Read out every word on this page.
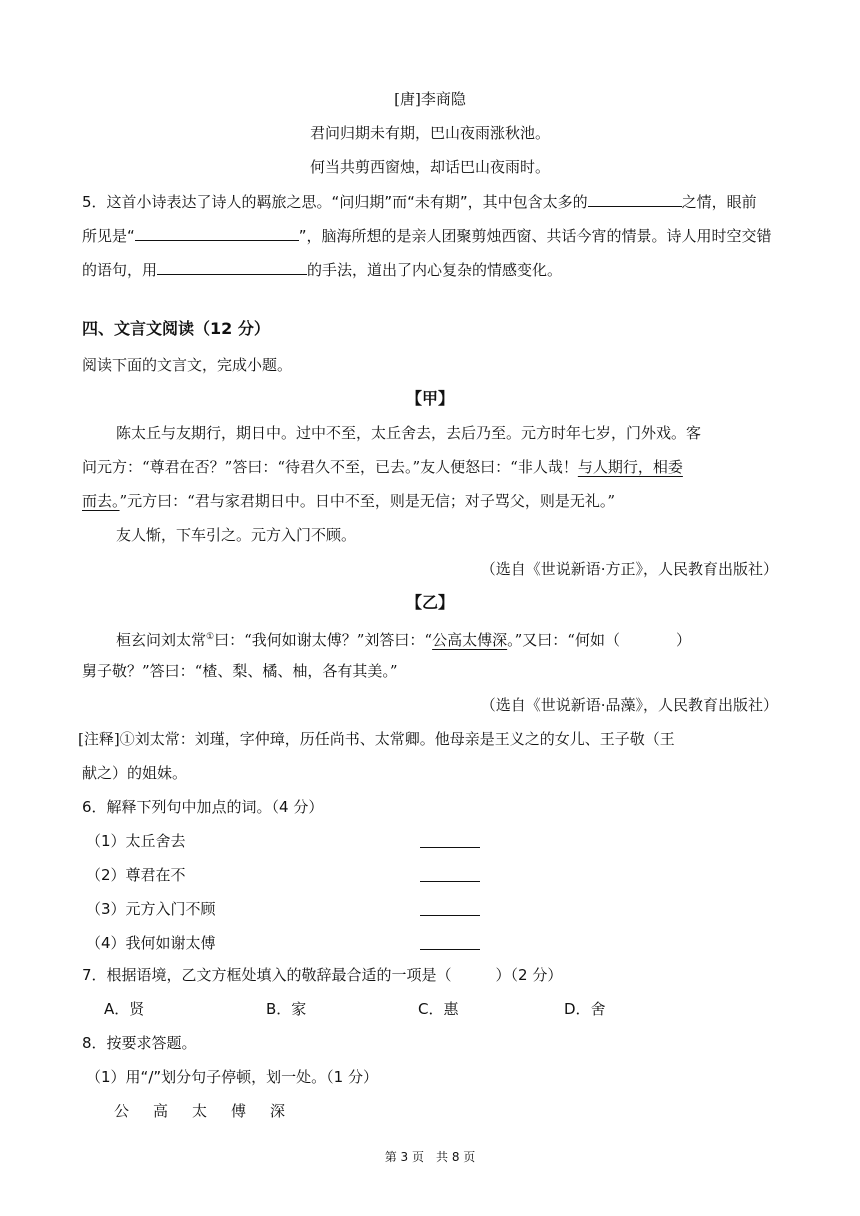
[唐]李商隐
君问归期未有期，巴山夜雨涨秋池。
何当共剪西窗烛，却话巴山夜雨时。
5．这首小诗表达了诗人的羁旅之思。“问归期”而“未有期”，其中包含太多的	之情，眼前
所见是“	”，脑海所想的是亲人团聚剪烛西窗、共话今宵的情景。诗人用时空交错
的语句，用	的手法，道出了内心复杂的情感变化。
四、文言文阅读（12 分）
阅读下面的文言文，完成小题。
【甲】
陈太丘与友期行，期日中。过中不至，太丘舍去，去后乃至。元方时年七岁，门外戏。客
问元方：“尊君在否？”答曰：“待君久不至，已去。”友人便怒曰：“非人哉！与人期行，相委
而去。”元方曰：“君与家君期日中。日中不至，则是无信；对子骂父，则是无礼。”
友人惭，下车引之。元方入门不顾。
（选自《世说新语·方正》，人民教育出版社）
【乙】
桓玄问刘太常①曰：“我何如谢太傅？”刘答曰：“公高太傅深。”又曰：“何如（	）
舅子敬？”答曰：“楂、梨、橘、柚，各有其美。”
（选自《世说新语·品藻》，人民教育出版社）
[注释]①刘太常：刘瑾，字仲璋，历任尚书、太常卿。他母亲是王义之的女儿、王子敬（王
献之）的姐妹。
6．解释下列句中加点的词。（4 分）
（1）太丘舍去
（2）尊君在不
（3）元方入门不顾
（4）我何如谢太傅
7．根据语境，乙文方框处填入的敬辞最合适的一项是（	）（2 分）
A．贤	B．家	C．惠	D．舍
8．按要求答题。
（1）用“/”划分句子停顿，划一处。（1 分）
公 高 太 傅 深
第 3 页　共 8 页
